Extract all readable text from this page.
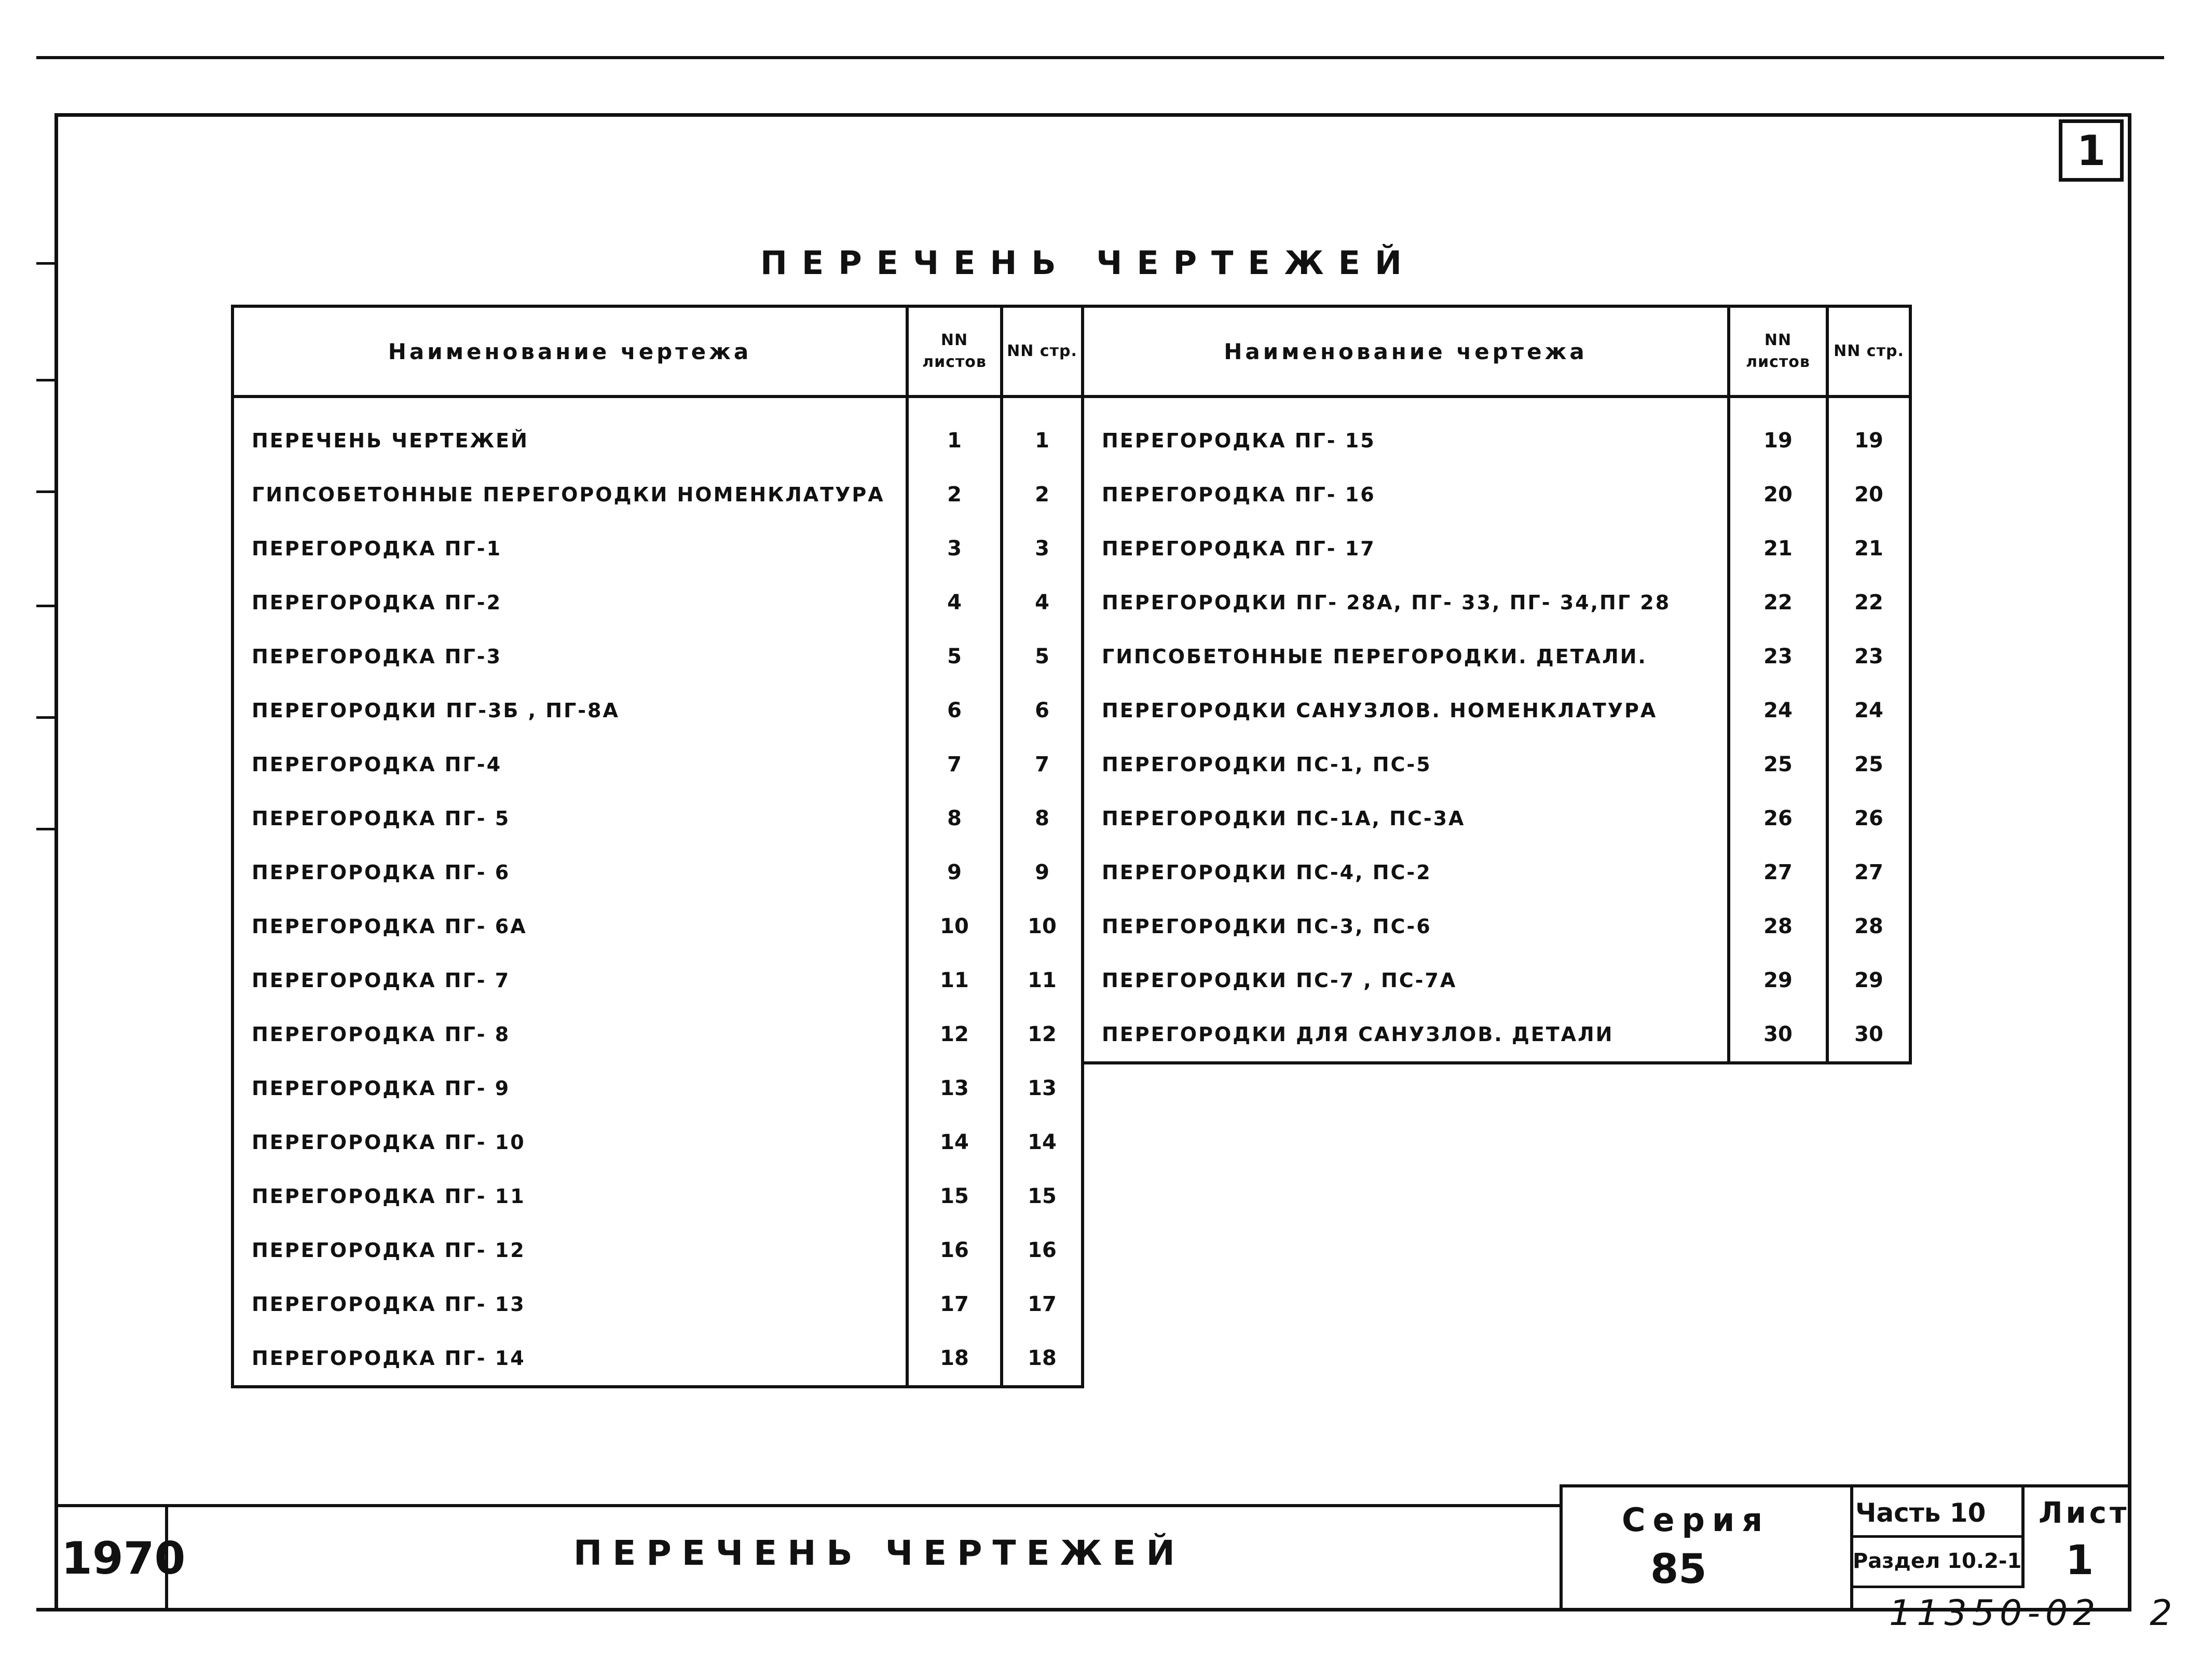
1
ПЕРЕЧЕНЬ ЧЕРТЕЖЕЙ
Наименование чертежа	NN листов	NN стр.
ПЕРЕЧЕНЬ ЧЕРТЕЖЕЙ	1	1
ГИПСОБЕТОННЫЕ ПЕРЕГОРОДКИ НОМЕНКЛАТУРА	2	2
ПЕРЕГОРОДКА ПГ-1	3	3
ПЕРЕГОРОДКА ПГ-2	4	4
ПЕРЕГОРОДКА ПГ-3	5	5
ПЕРЕГОРОДКИ ПГ-3Б , ПГ-8А	6	6
ПЕРЕГОРОДКА ПГ-4	7	7
ПЕРЕГОРОДКА ПГ- 5	8	8
ПЕРЕГОРОДКА ПГ- 6	9	9
ПЕРЕГОРОДКА ПГ- 6А	10	10
ПЕРЕГОРОДКА ПГ- 7	11	11
ПЕРЕГОРОДКА ПГ- 8	12	12
ПЕРЕГОРОДКА ПГ- 9	13	13
ПЕРЕГОРОДКА ПГ- 10	14	14
ПЕРЕГОРОДКА ПГ- 11	15	15
ПЕРЕГОРОДКА ПГ- 12	16	16
ПЕРЕГОРОДКА ПГ- 13	17	17
ПЕРЕГОРОДКА ПГ- 14	18	18
Наименование чертежа	NN листов	NN стр.
ПЕРЕГОРОДКА ПГ- 15	19	19
ПЕРЕГОРОДКА ПГ- 16	20	20
ПЕРЕГОРОДКА ПГ- 17	21	21
ПЕРЕГОРОДКИ ПГ- 28А, ПГ- 33, ПГ- 34,ПГ 28	22	22
ГИПСОБЕТОННЫЕ ПЕРЕГОРОДКИ. ДЕТАЛИ.	23	23
ПЕРЕГОРОДКИ САНУЗЛОВ. НОМЕНКЛАТУРА	24	24
ПЕРЕГОРОДКИ ПС-1, ПС-5	25	25
ПЕРЕГОРОДКИ ПС-1А, ПС-3А	26	26
ПЕРЕГОРОДКИ ПС-4, ПС-2	27	27
ПЕРЕГОРОДКИ ПС-3, ПС-6	28	28
ПЕРЕГОРОДКИ ПС-7 , ПС-7А	29	29
ПЕРЕГОРОДКИ ДЛЯ САНУЗЛОВ. ДЕТАЛИ	30	30
1970	ПЕРЕЧЕНЬ ЧЕРТЕЖЕЙ
Серия
85
Часть 10
Раздел 10.2-1
Лист
1
11350-02   2
